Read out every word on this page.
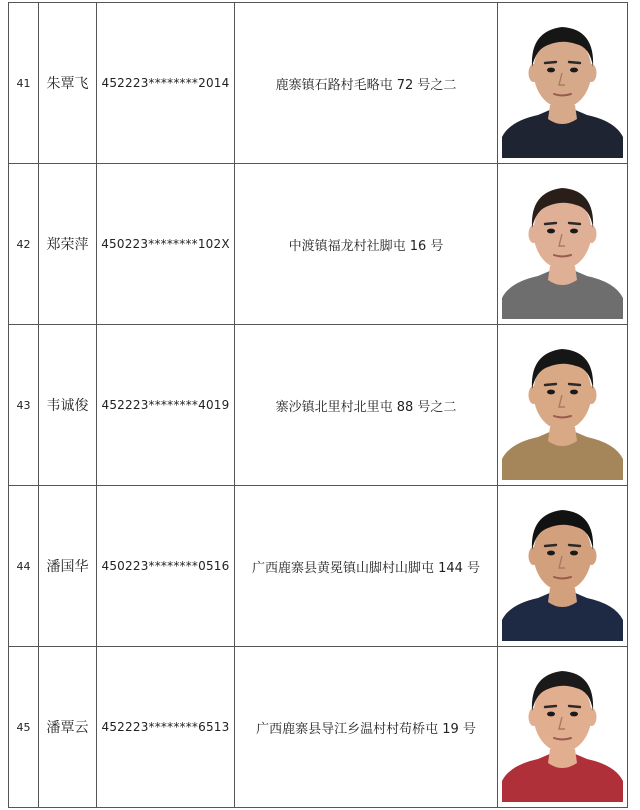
41	朱覃飞	452223********2014	鹿寨镇石路村毛略屯 72 号之二	

42	郑荣萍	450223********102X	中渡镇福龙村社脚屯 16 号	

43	韦诚俊	452223********4019	寨沙镇北里村北里屯 88 号之二	

44	潘国华	450223********0516	广西鹿寨县黄冕镇山脚村山脚屯 144 号	

45	潘覃云	452223********6513	广西鹿寨县导江乡温村村苟桥屯 19 号	
